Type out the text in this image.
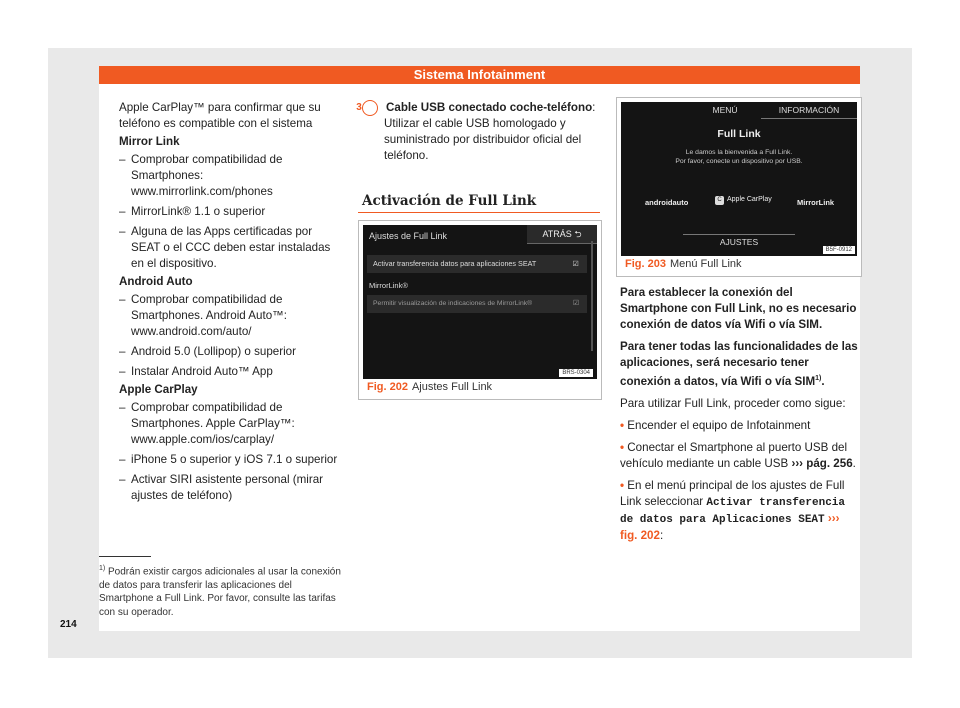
Sistema Infotainment

Apple CarPlay™ para confirmar que su teléfono es compatible con el sistema

Mirror Link

– Comprobar compatibilidad de Smartphones: www.mirrorlink.com/phones

– MirrorLink® 1.1 o superior

– Alguna de las Apps certificadas por SEAT o el CCC deben estar instaladas en el dispositivo.

Android Auto

– Comprobar compatibilidad de Smartphones. Android Auto™: www.android.com/auto/

– Android 5.0 (Lollipop) o superior

– Instalar Android Auto™ App

Apple CarPlay

– Comprobar compatibilidad de Smartphones. Apple CarPlay™: www.apple.com/ios/carplay/

– iPhone 5 o superior y iOS 7.1 o superior

– Activar SIRI asistente personal (mirar ajustes de teléfono)

$^{1)}$ Podrán existir cargos adicionales al usar la conexión de datos para transferir las aplicaciones del Smartphone a Full Link. Por favor, consulte las tarifas con su operador.
214

3 Cable USB conectado coche-teléfono: Utilizar el cable USB homologado y suministrado por distribuidor oficial del teléfono.

Activación de Full Link
Ajustes de Full Link	ATRÁS ⮌
Activar transferencia datos para aplicaciones SEAT	☑
MirrorLink®
Permitir visualización de indicaciones de MirrorLink®	☑
BRS-0304
Fig. 202 Ajustes Full Link
MENÚ	INFORMACIÓN
Full Link
Le damos la bienvenida a Full Link.
Por favor, conecte un dispositivo por USB.
androidauto	C Apple CarPlay	MirrorLink
AJUSTES
B5F-0912
Fig. 203 Menú Full Link

Para establecer la conexión del Smartphone con Full Link, no es necesario conexión de datos vía Wifi o vía SIM.

Para tener todas las funcionalidades de las aplicaciones, será necesario tener conexión a datos, vía Wifi o vía SIM$^{1)}$.

Para utilizar Full Link, proceder como sigue:

• Encender el equipo de Infotainment

• Conectar el Smartphone al puerto USB del vehículo mediante un cable USB ››› pág. 256.

• En el menú principal de los ajustes de Full Link seleccionar Activar transferencia de datos para Aplicaciones SEAT ››› fig. 202:
